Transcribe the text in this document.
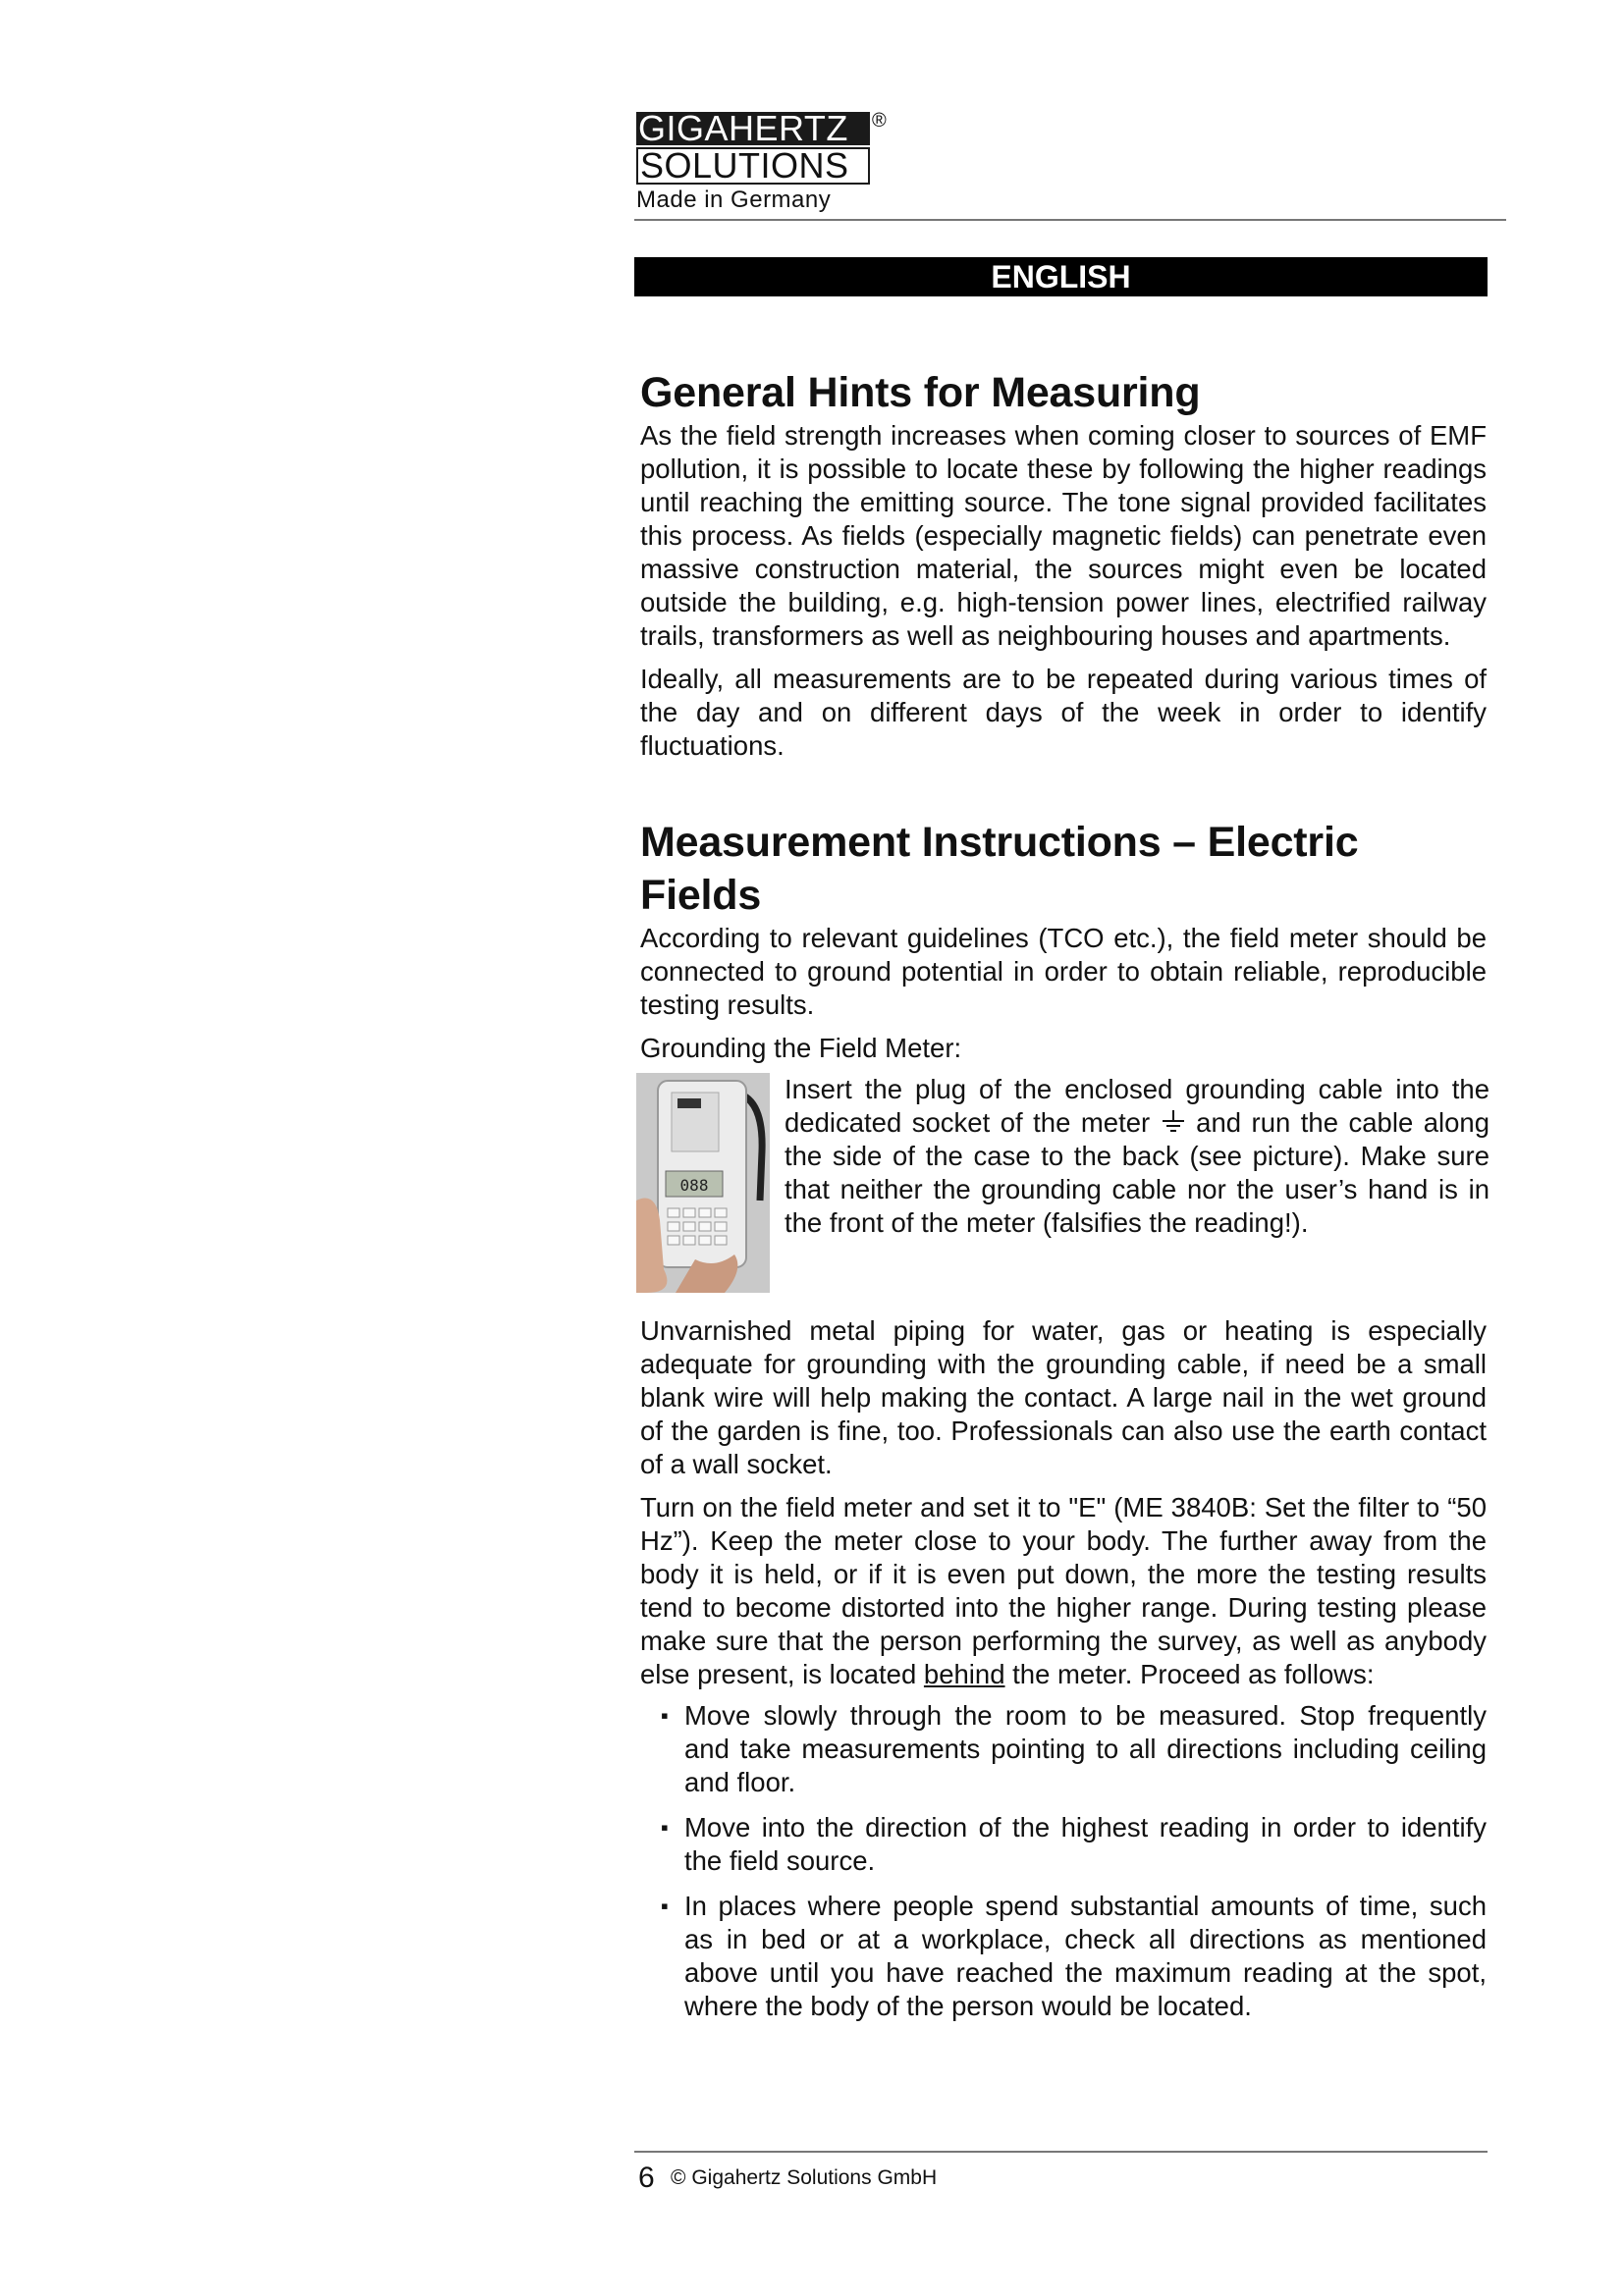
GIGAHERTZ
SOLUTIONS
®
Made in Germany
ENGLISH
General Hints for Measuring

As the field strength increases when coming closer to sources of EMF pollution, it is possible to locate these by following the higher readings until reaching the emitting source. The tone signal provided facilitates this process. As fields (especially magnetic fields) can penetrate even massive construction material, the sources might even be located outside the building, e.g. high-tension power lines, electrified railway trails, transformers as well as neighbouring houses and apartments.

Ideally, all measurements are to be repeated during various times of the day and on different days of the week in order to identify fluctuations.

Measurement Instructions – Electric Fields

According to relevant guidelines (TCO etc.), the field meter should be connected to ground potential in order to obtain reliable, reproducible testing results.

Grounding the Field Meter:

088

Insert the plug of the enclosed grounding cable into the dedicated socket of the meter and run the cable along the side of the case to the back (see picture). Make sure that neither the grounding cable nor the user’s hand is in the front of the meter (falsifies the reading!).

Unvarnished metal piping for water, gas or heating is especially adequate for grounding with the grounding cable, if need be a small blank wire will help making the contact. A large nail in the wet ground of the garden is fine, too. Professionals can also use the earth contact of a wall socket.

Turn on the field meter and set it to "E" (ME 3840B: Set the filter to “50 Hz”). Keep the meter close to your body. The further away from the body it is held, or if it is even put down, the more the testing results tend to become distorted into the higher range. During testing please make sure that the person performing the survey, as well as anybody else present, is located behind the meter. Proceed as follows:

▪ Move slowly through the room to be measured. Stop frequently and take measurements pointing to all directions including ceiling and floor.
▪ Move into the direction of the highest reading in order to identify the field source.
▪ In places where people spend substantial amounts of time, such as in bed or at a workplace, check all directions as mentioned above until you have reached the maximum reading at the spot, where the body of the person would be located.
6 © Gigahertz Solutions GmbH
